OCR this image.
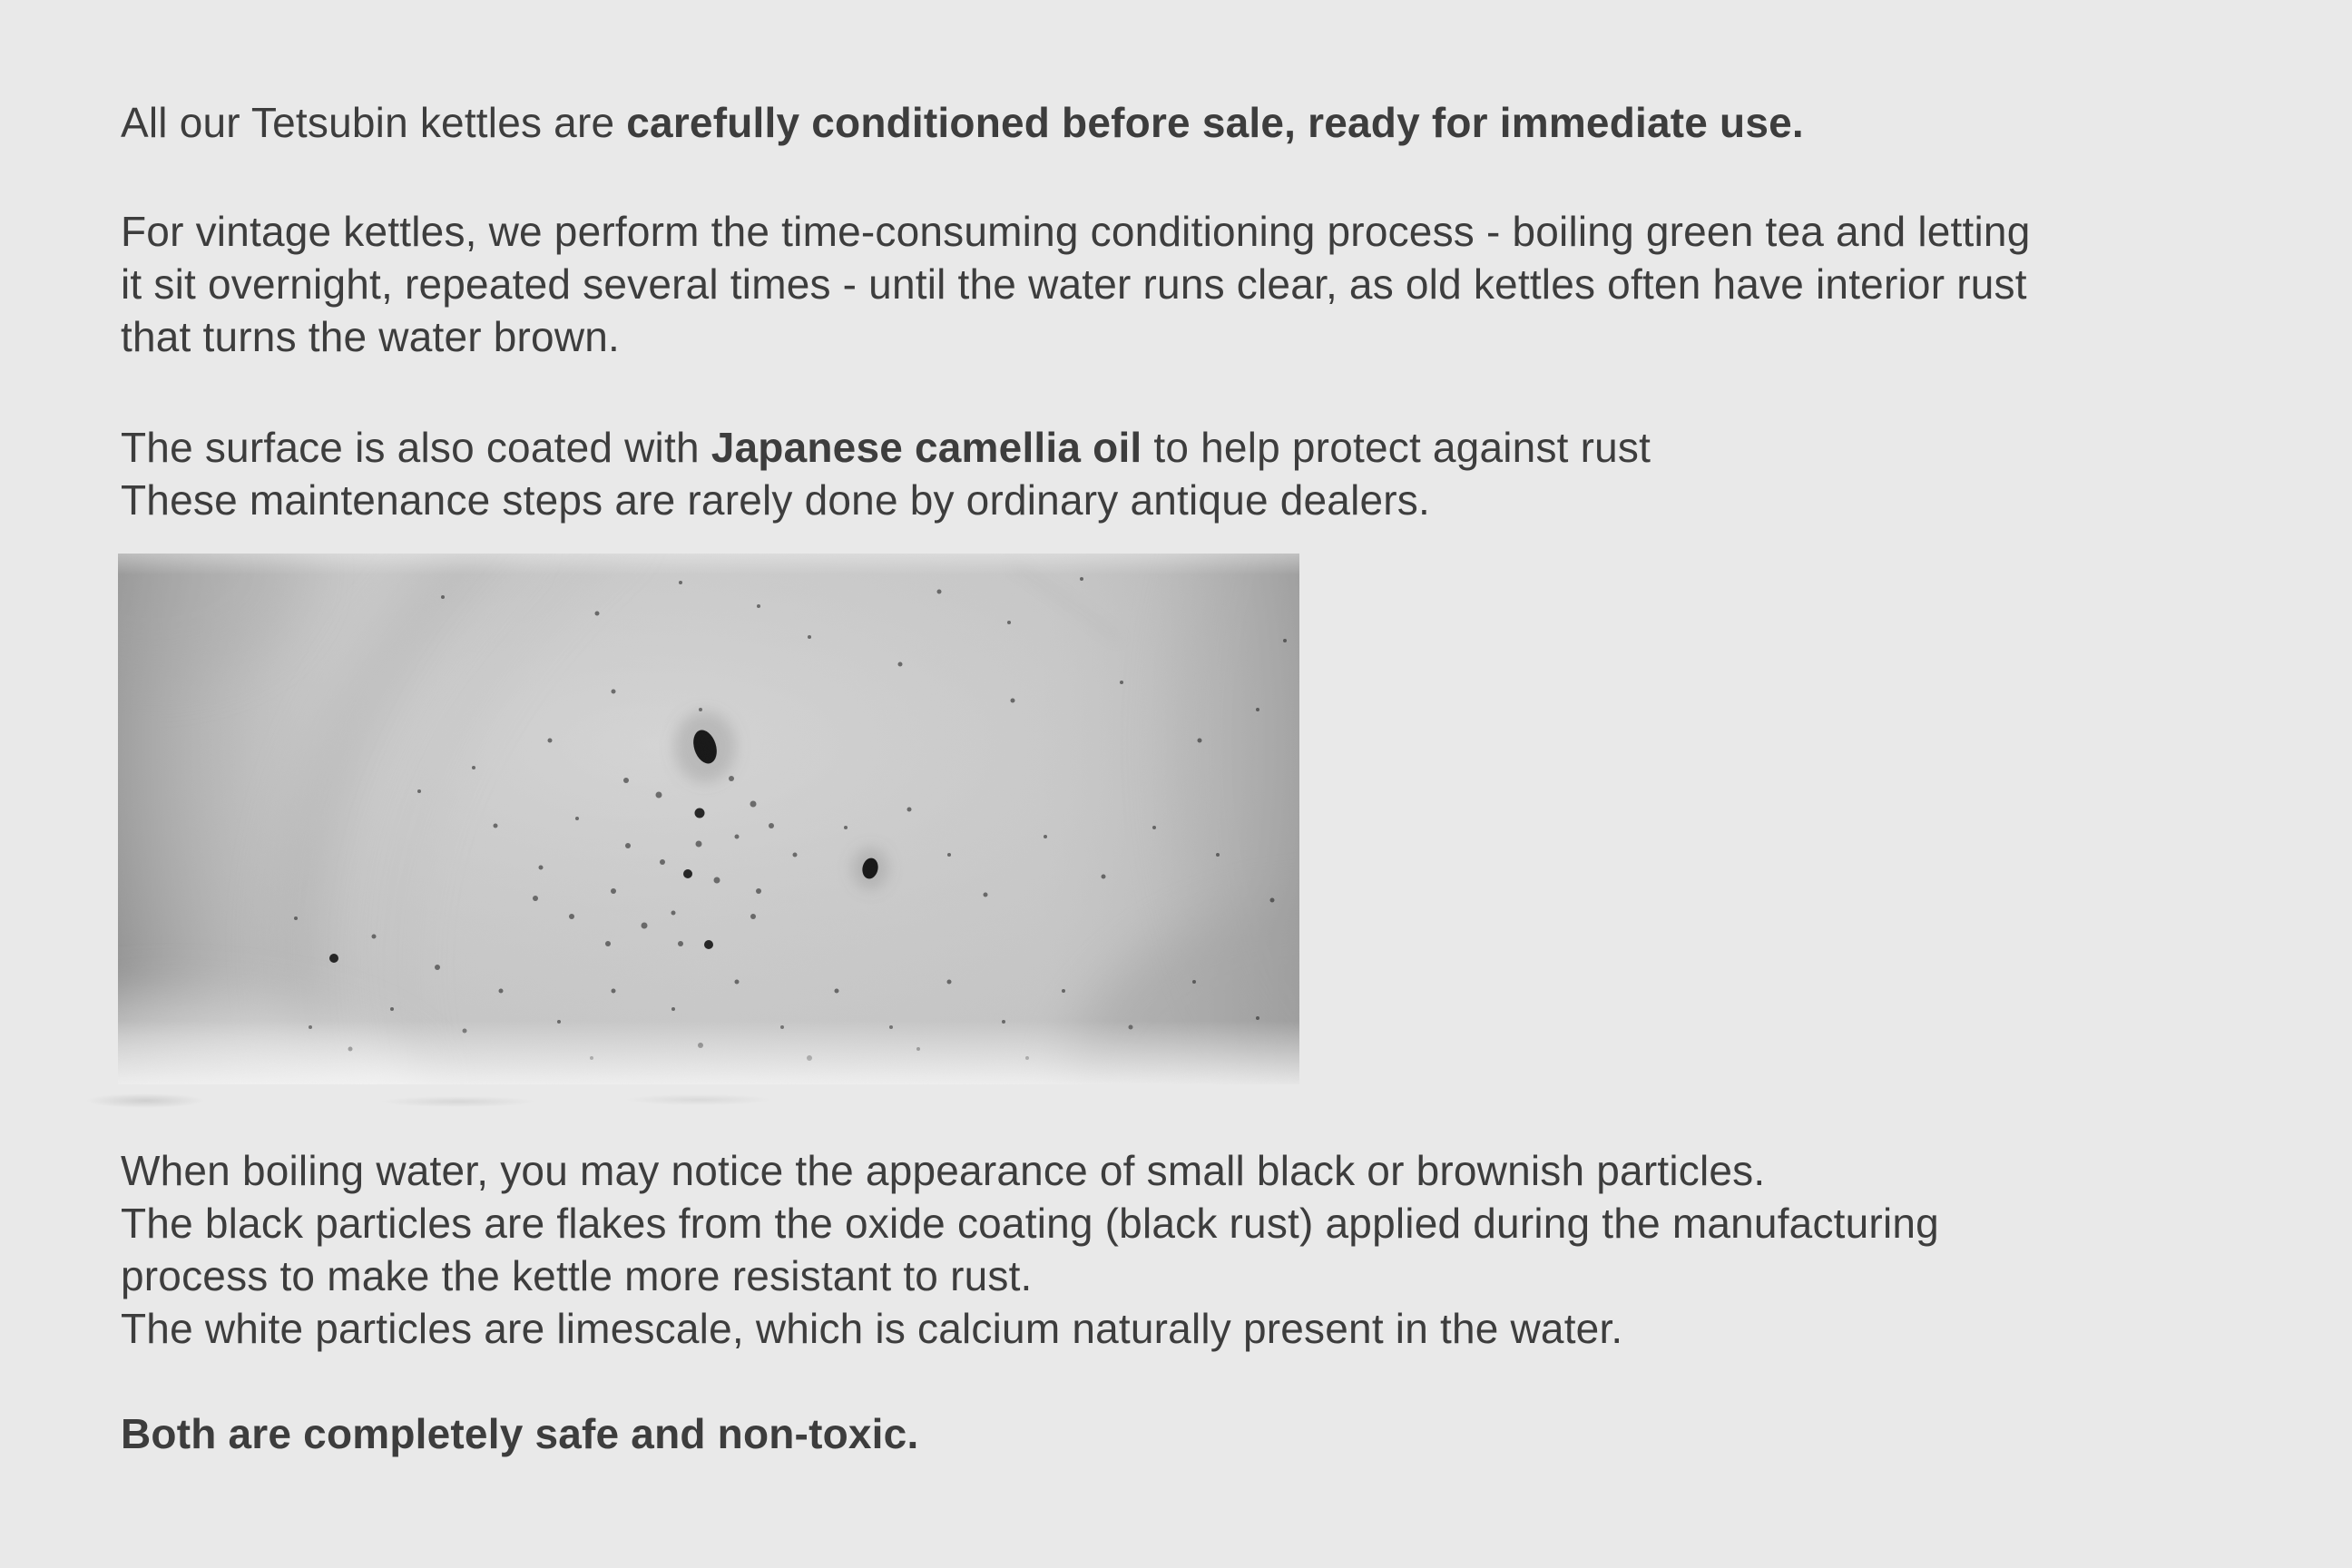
All our Tetsubin kettles are carefully conditioned before sale, ready for immediate use.
For vintage kettles, we perform the time-consuming conditioning process - boiling green tea and letting
it sit overnight, repeated several times - until the water runs clear, as old kettles often have interior rust
that turns the water brown.
The surface is also coated with Japanese camellia oil to help protect against rust
These maintenance steps are rarely done by ordinary antique dealers.
When boiling water, you may notice the appearance of small black or brownish particles.
The black particles are flakes from the oxide coating (black rust) applied during the manufacturing
process to make the kettle more resistant to rust.
The white particles are limescale, which is calcium naturally present in the water.
Both are completely safe and non-toxic.
